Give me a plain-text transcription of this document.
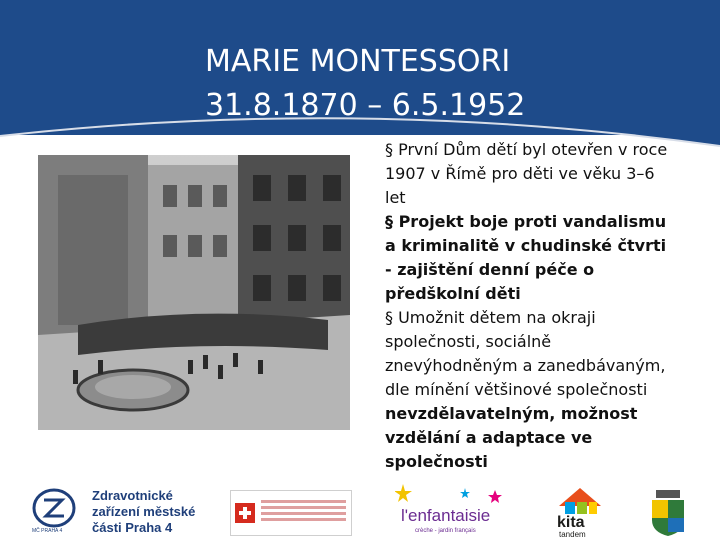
MARIE MONTESSORI
31.8.1870 – 6.5.1952

§ První Dům dětí byl otevřen v roce 1907 v Římě pro děti ve věku 3–6 let

§ Projekt boje proti vandalismu a kriminalitě v chudinské čtvrti - zajištění denní péče o předškolní děti

§ Umožnit dětem na okraji společnosti, sociálně znevýhodněným a zanedbávaným, dle mínění většinové společnosti

nevzdělavatelným, možnost vzdělání a adaptace ve společnosti

MČ PRAHA 4
Zdravotnické
zařízení městské
části Praha 4
l'enfantaisie
crèche - jardin français	kita
tandem
